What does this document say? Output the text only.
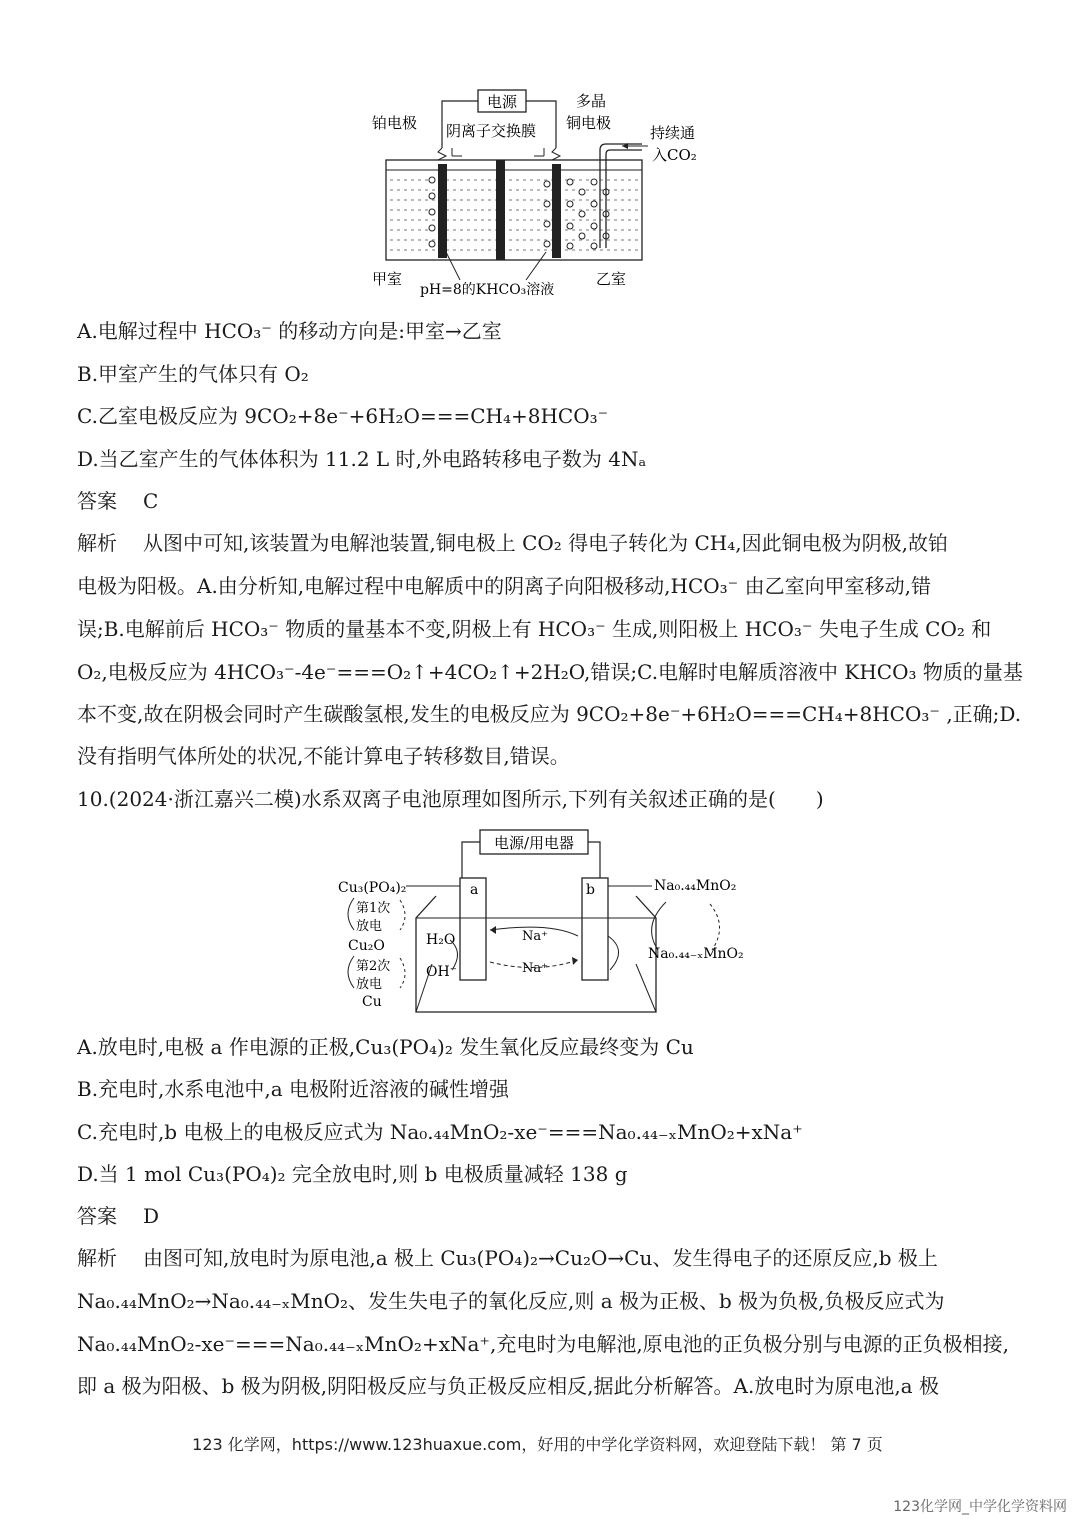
电源
铂电极 阴离子交换膜
多晶
铜电极
持续通
入CO₂
甲室	乙室
pH=8的KHCO₃溶液
A.电解过程中 HCO₃⁻ 的移动方向是:甲室→乙室
B.甲室产生的气体只有 O₂
C.乙室电极反应为 9CO₂+8e⁻+6H₂O===CH₄+8HCO₃⁻
D.当乙室产生的气体体积为 11.2 L 时,外电路转移电子数为 4Nₐ
答案 C
解析 从图中可知,该装置为电解池装置,铜电极上 CO₂ 得电子转化为 CH₄,因此铜电极为阴极,故铂
电极为阳极。A.由分析知,电解过程中电解质中的阴离子向阳极移动,HCO₃⁻ 由乙室向甲室移动,错
误;B.电解前后 HCO₃⁻ 物质的量基本不变,阴极上有 HCO₃⁻ 生成,则阳极上 HCO₃⁻ 失电子生成 CO₂ 和
O₂,电极反应为 4HCO₃⁻-4e⁻===O₂↑+4CO₂↑+2H₂O,错误;C.电解时电解质溶液中 KHCO₃ 物质的量基
本不变,故在阴极会同时产生碳酸氢根,发生的电极反应为 9CO₂+8e⁻+6H₂O===CH₄+8HCO₃⁻ ,正确;D.
没有指明气体所处的状况,不能计算电子转移数目,错误。
10.(2024·浙江嘉兴二模)水系双离子电池原理如图所示,下列有关叙述正确的是(　　)
电源/用电器
a	b
Cu₃(PO₄)₂
第1次
放电
Cu₂O
第2次
放电
Cu
H₂O
OH⁻
Na⁺
Na⁺
Na₀.₄₄MnO₂
Na₀.₄₄₋ₓMnO₂
A.放电时,电极 a 作电源的正极,Cu₃(PO₄)₂ 发生氧化反应最终变为 Cu
B.充电时,水系电池中,a 电极附近溶液的碱性增强
C.充电时,b 电极上的电极反应式为 Na₀.₄₄MnO₂-xe⁻===Na₀.₄₄₋ₓMnO₂+xNa⁺
D.当 1 mol Cu₃(PO₄)₂ 完全放电时,则 b 电极质量减轻 138 g
答案 D
解析 由图可知,放电时为原电池,a 极上 Cu₃(PO₄)₂→Cu₂O→Cu、发生得电子的还原反应,b 极上
Na₀.₄₄MnO₂→Na₀.₄₄₋ₓMnO₂、发生失电子的氧化反应,则 a 极为正极、b 极为负极,负极反应式为
Na₀.₄₄MnO₂-xe⁻===Na₀.₄₄₋ₓMnO₂+xNa⁺,充电时为电解池,原电池的正负极分别与电源的正负极相接,
即 a 极为阳极、b 极为阴极,阴阳极反应与负正极反应相反,据此分析解答。A.放电时为原电池,a 极
123 化学网，https://www.123huaxue.com，好用的中学化学资料网，欢迎登陆下载！ 第 7 页
123化学网_中学化学资料网
